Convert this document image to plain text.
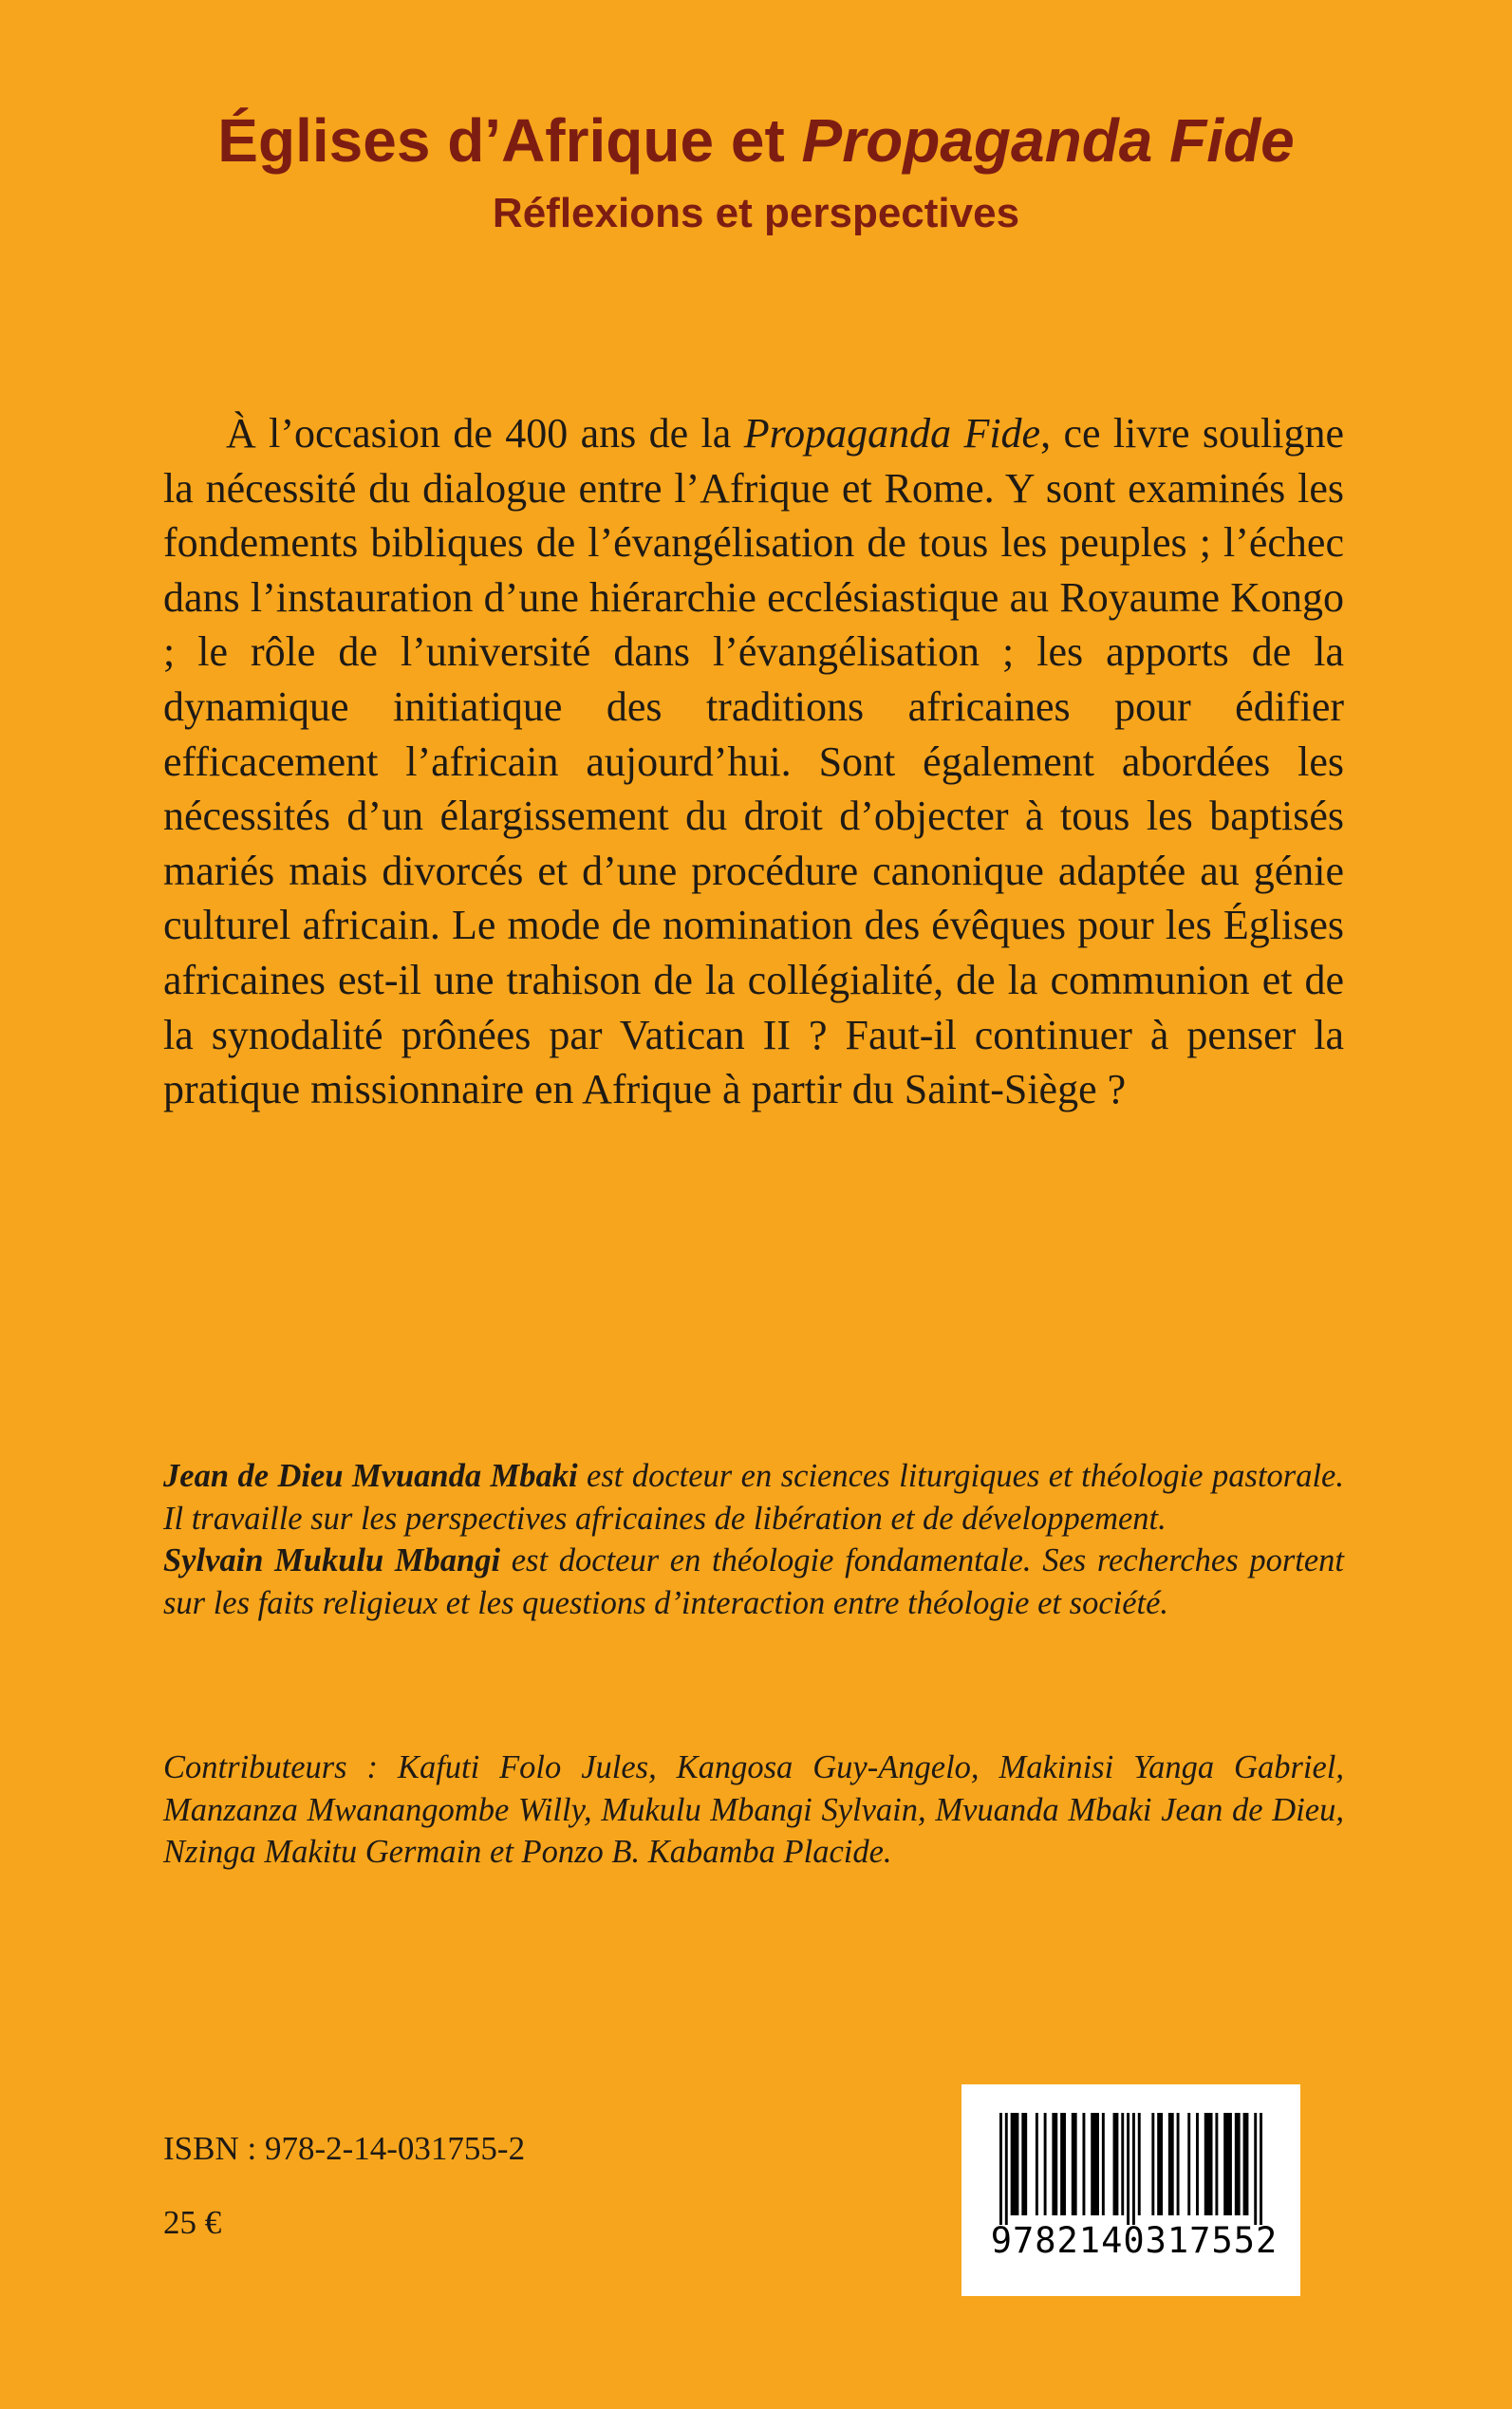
Églises d’Afrique et Propaganda Fide
Réflexions et perspectives

À l’occasion de 400 ans de la Propaganda Fide, ce livre souligne la nécessité du dialogue entre l’Afrique et Rome. Y sont examinés les fondements bibliques de l’évangélisation de tous les peuples ; l’échec dans l’instauration d’une hiérarchie ecclésiastique au Royaume Kongo ; le rôle de l’université dans l’évangélisation ; les apports de la dynamique initiatique des traditions africaines pour édifier efficacement l’africain aujourd’hui. Sont également abordées les nécessités d’un élargissement du droit d’objecter à tous les baptisés mariés mais divorcés et d’une procédure canonique adaptée au génie culturel africain. Le mode de nomination des évêques pour les Églises africaines est-il une trahison de la collégialité, de la communion et de la synodalité prônées par Vatican II ? Faut-il continuer à penser la pratique missionnaire en Afrique à partir du Saint-Siège ?

Jean de Dieu Mvuanda Mbaki est docteur en sciences liturgiques et théologie pastorale. Il travaille sur les perspectives africaines de libération et de développement.

Sylvain Mukulu Mbangi est docteur en théologie fondamentale. Ses recherches portent sur les faits religieux et les questions d’interaction entre théologie et société.

Contributeurs : Kafuti Folo Jules, Kangosa Guy-Angelo, Makinisi Yanga Gabriel, Manzanza Mwanangombe Willy, Mukulu Mbangi Sylvain, Mvuanda Mbaki Jean de Dieu, Nzinga Makitu Germain et Ponzo B. Kabamba Placide.

ISBN : 978-2-14-031755-2

25 €	9782140317552
